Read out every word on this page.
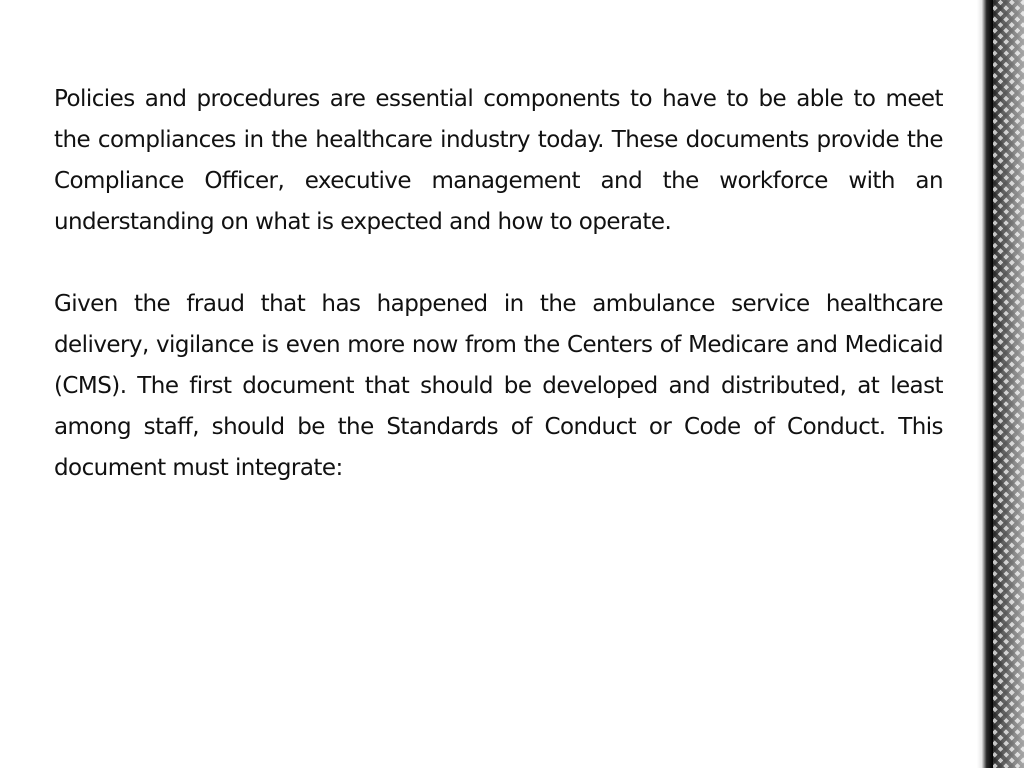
Policies and procedures are essential components to have to be able to meet the compliances in the healthcare industry today. These documents provide the Compliance Officer, executive management and the workforce with an understanding on what is expected and how to operate.

Given the fraud that has happened in the ambulance service healthcare delivery, vigilance is even more now from the Centers of Medicare and Medicaid (CMS). The first document that should be developed and distributed, at least among staff, should be the Standards of Conduct or Code of Conduct. This document must integrate:
